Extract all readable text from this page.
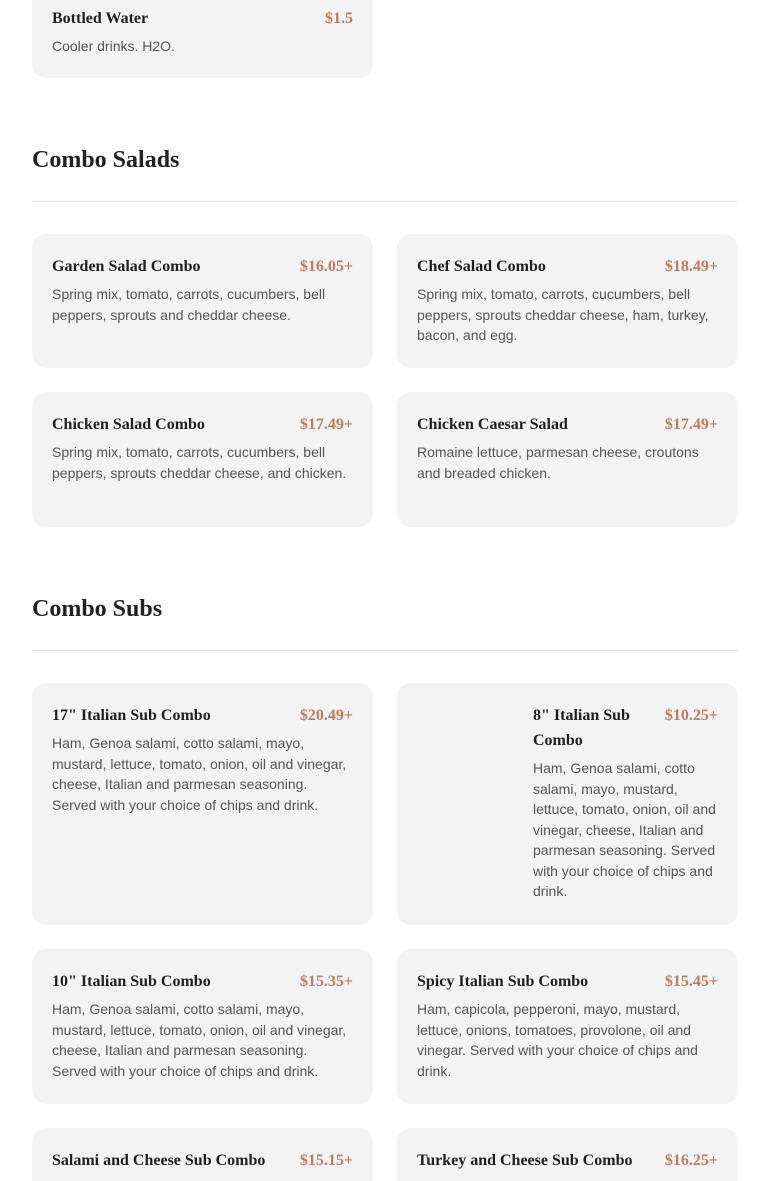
Bottled Water	$1.5
Cooler drinks. H2O.
Combo Salads
Garden Salad Combo	$16.05+
Spring mix, tomato, carrots, cucumbers, bell peppers, sprouts and cheddar cheese.
Chef Salad Combo	$18.49+
Spring mix, tomato, carrots, cucumbers, bell peppers, sprouts cheddar cheese, ham, turkey, bacon, and egg.
Chicken Salad Combo	$17.49+
Spring mix, tomato, carrots, cucumbers, bell peppers, sprouts cheddar cheese, and chicken.
Chicken Caesar Salad	$17.49+
Romaine lettuce, parmesan cheese, croutons and breaded chicken.
Combo Subs
17" Italian Sub Combo	$20.49+
Ham, Genoa salami, cotto salami, mayo, mustard, lettuce, tomato, onion, oil and vinegar, cheese, Italian and parmesan seasoning. Served with your choice of chips and drink.
8" Italian Sub Combo
$10.25+
Ham, Genoa salami, cotto salami, mayo, mustard, lettuce, tomato, onion, oil and vinegar, cheese, Italian and parmesan seasoning. Served with your choice of chips and drink.
10" Italian Sub Combo	$15.35+
Ham, Genoa salami, cotto salami, mayo, mustard, lettuce, tomato, onion, oil and vinegar, cheese, Italian and parmesan seasoning. Served with your choice of chips and drink.
Spicy Italian Sub Combo	$15.45+
Ham, capicola, pepperoni, mayo, mustard, lettuce, onions, tomatoes, provolone, oil and vinegar. Served with your choice of chips and drink.
Salami and Cheese Sub Combo $15.15+	Turkey and Cheese Sub Combo $16.25+
